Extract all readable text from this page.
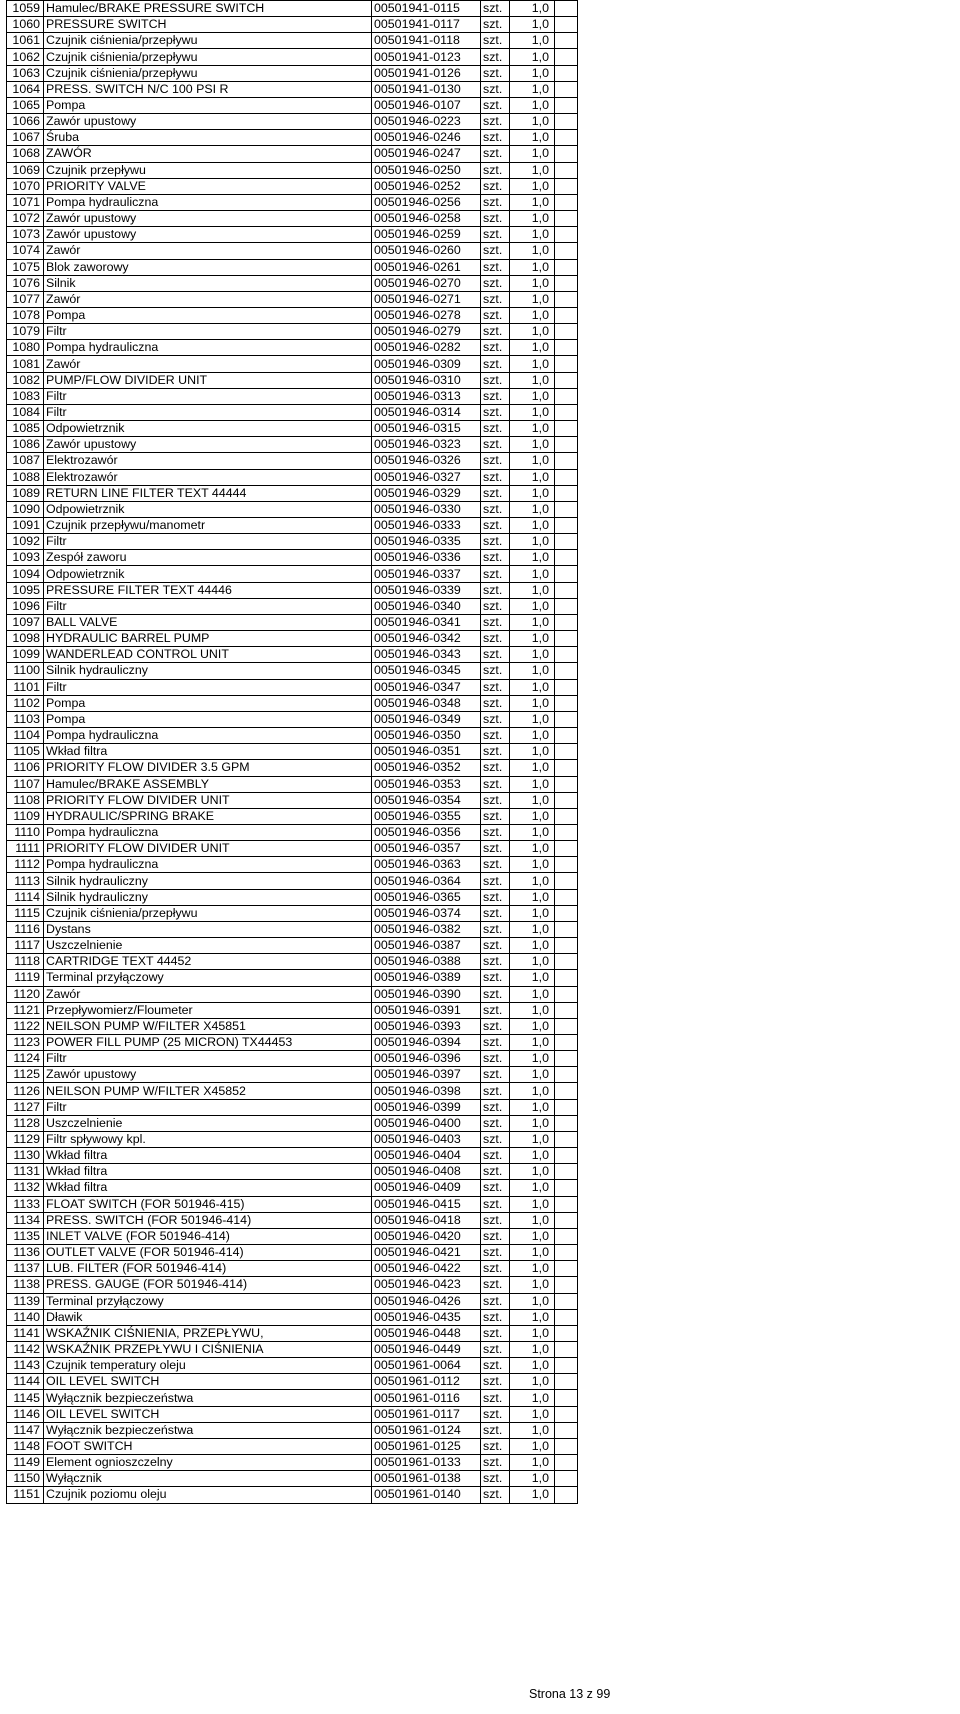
1059	Hamulec/BRAKE PRESSURE SWITCH	00501941-0115	szt.	1,0	
1060	PRESSURE SWITCH	00501941-0117	szt.	1,0	
1061	Czujnik ciśnienia/przepływu	00501941-0118	szt.	1,0	
1062	Czujnik ciśnienia/przepływu	00501941-0123	szt.	1,0	
1063	Czujnik ciśnienia/przepływu	00501941-0126	szt.	1,0	
1064	PRESS. SWITCH N/C 100 PSI R	00501941-0130	szt.	1,0	
1065	Pompa	00501946-0107	szt.	1,0	
1066	Zawór upustowy	00501946-0223	szt.	1,0	
1067	Śruba	00501946-0246	szt.	1,0	
1068	ZAWÓR	00501946-0247	szt.	1,0	
1069	Czujnik przepływu	00501946-0250	szt.	1,0	
1070	PRIORITY VALVE	00501946-0252	szt.	1,0	
1071	Pompa hydrauliczna	00501946-0256	szt.	1,0	
1072	Zawór upustowy	00501946-0258	szt.	1,0	
1073	Zawór upustowy	00501946-0259	szt.	1,0	
1074	Zawór	00501946-0260	szt.	1,0	
1075	Blok zaworowy	00501946-0261	szt.	1,0	
1076	Silnik	00501946-0270	szt.	1,0	
1077	Zawór	00501946-0271	szt.	1,0	
1078	Pompa	00501946-0278	szt.	1,0	
1079	Filtr	00501946-0279	szt.	1,0	
1080	Pompa hydrauliczna	00501946-0282	szt.	1,0	
1081	Zawór	00501946-0309	szt.	1,0	
1082	PUMP/FLOW DIVIDER UNIT	00501946-0310	szt.	1,0	
1083	Filtr	00501946-0313	szt.	1,0	
1084	Filtr	00501946-0314	szt.	1,0	
1085	Odpowietrznik	00501946-0315	szt.	1,0	
1086	Zawór upustowy	00501946-0323	szt.	1,0	
1087	Elektrozawór	00501946-0326	szt.	1,0	
1088	Elektrozawór	00501946-0327	szt.	1,0	
1089	RETURN LINE FILTER TEXT 44444	00501946-0329	szt.	1,0	
1090	Odpowietrznik	00501946-0330	szt.	1,0	
1091	Czujnik przepływu/manometr	00501946-0333	szt.	1,0	
1092	Filtr	00501946-0335	szt.	1,0	
1093	Zespół zaworu	00501946-0336	szt.	1,0	
1094	Odpowietrznik	00501946-0337	szt.	1,0	
1095	PRESSURE FILTER TEXT 44446	00501946-0339	szt.	1,0	
1096	Filtr	00501946-0340	szt.	1,0	
1097	BALL VALVE	00501946-0341	szt.	1,0	
1098	HYDRAULIC BARREL PUMP	00501946-0342	szt.	1,0	
1099	WANDERLEAD CONTROL UNIT	00501946-0343	szt.	1,0	
1100	Silnik hydrauliczny	00501946-0345	szt.	1,0	
1101	Filtr	00501946-0347	szt.	1,0	
1102	Pompa	00501946-0348	szt.	1,0	
1103	Pompa	00501946-0349	szt.	1,0	
1104	Pompa hydrauliczna	00501946-0350	szt.	1,0	
1105	Wkład filtra	00501946-0351	szt.	1,0	
1106	PRIORITY FLOW DIVIDER 3.5 GPM	00501946-0352	szt.	1,0	
1107	Hamulec/BRAKE ASSEMBLY	00501946-0353	szt.	1,0	
1108	PRIORITY FLOW DIVIDER UNIT	00501946-0354	szt.	1,0	
1109	HYDRAULIC/SPRING BRAKE	00501946-0355	szt.	1,0	
1110	Pompa hydrauliczna	00501946-0356	szt.	1,0	
1111	PRIORITY FLOW DIVIDER UNIT	00501946-0357	szt.	1,0	
1112	Pompa hydrauliczna	00501946-0363	szt.	1,0	
1113	Silnik hydrauliczny	00501946-0364	szt.	1,0	
1114	Silnik hydrauliczny	00501946-0365	szt.	1,0	
1115	Czujnik ciśnienia/przepływu	00501946-0374	szt.	1,0	
1116	Dystans	00501946-0382	szt.	1,0	
1117	Uszczelnienie	00501946-0387	szt.	1,0	
1118	CARTRIDGE TEXT 44452	00501946-0388	szt.	1,0	
1119	Terminal przyłączowy	00501946-0389	szt.	1,0	
1120	Zawór	00501946-0390	szt.	1,0	
1121	Przepływomierz/Floumeter	00501946-0391	szt.	1,0	
1122	NEILSON PUMP W/FILTER X45851	00501946-0393	szt.	1,0	
1123	POWER FILL PUMP (25 MICRON) TX44453	00501946-0394	szt.	1,0	
1124	Filtr	00501946-0396	szt.	1,0	
1125	Zawór upustowy	00501946-0397	szt.	1,0	
1126	NEILSON PUMP W/FILTER X45852	00501946-0398	szt.	1,0	
1127	Filtr	00501946-0399	szt.	1,0	
1128	Uszczelnienie	00501946-0400	szt.	1,0	
1129	Filtr spływowy kpl.	00501946-0403	szt.	1,0	
1130	Wkład filtra	00501946-0404	szt.	1,0	
1131	Wkład filtra	00501946-0408	szt.	1,0	
1132	Wkład filtra	00501946-0409	szt.	1,0	
1133	FLOAT SWITCH (FOR 501946-415)	00501946-0415	szt.	1,0	
1134	PRESS. SWITCH (FOR 501946-414)	00501946-0418	szt.	1,0	
1135	INLET VALVE (FOR 501946-414)	00501946-0420	szt.	1,0	
1136	OUTLET VALVE (FOR 501946-414)	00501946-0421	szt.	1,0	
1137	LUB. FILTER (FOR 501946-414)	00501946-0422	szt.	1,0	
1138	PRESS. GAUGE (FOR 501946-414)	00501946-0423	szt.	1,0	
1139	Terminal przyłączowy	00501946-0426	szt.	1,0	
1140	Dławik	00501946-0435	szt.	1,0	
1141	WSKAŹNIK CIŚNIENIA, PRZEPŁYWU,	00501946-0448	szt.	1,0	
1142	WSKAŹNIK PRZEPŁYWU I CIŚNIENIA	00501946-0449	szt.	1,0	
1143	Czujnik temperatury oleju	00501961-0064	szt.	1,0	
1144	OIL LEVEL SWITCH	00501961-0112	szt.	1,0	
1145	Wyłącznik bezpieczeństwa	00501961-0116	szt.	1,0	
1146	OIL LEVEL SWITCH	00501961-0117	szt.	1,0	
1147	Wyłącznik bezpieczeństwa	00501961-0124	szt.	1,0	
1148	FOOT SWITCH	00501961-0125	szt.	1,0	
1149	Element ognioszczelny	00501961-0133	szt.	1,0	
1150	Wyłącznik	00501961-0138	szt.	1,0	
1151	Czujnik poziomu oleju	00501961-0140	szt.	1,0	
Strona 13 z 99
